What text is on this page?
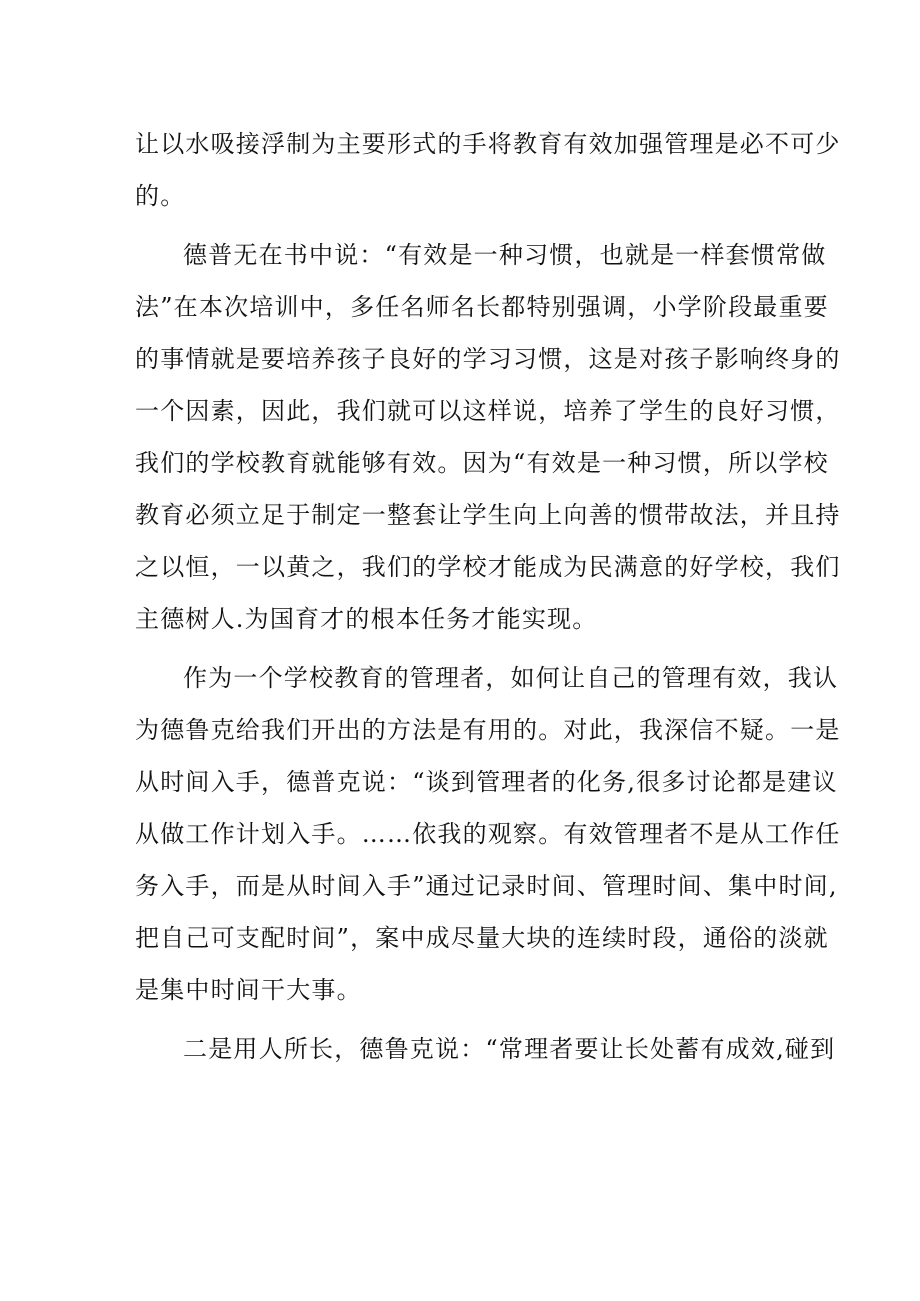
让以水吸接浮制为主要形式的手将教育有效加强管理是必不可少
的。
德普无在书中说：“有效是一种习惯，也就是一样套惯常做
法”在本次培训中，多任名师名长都特别强调，小学阶段最重要
的事情就是要培养孩子良好的学习习惯，这是对孩子影响终身的
一个因素，因此，我们就可以这样说，培养了学生的良好习惯，
我们的学校教育就能够有效。因为“有效是一种习惯，所以学校
教育必须立足于制定一整套让学生向上向善的惯带故法，并且持
之以恒，一以黄之，我们的学校才能成为民满意的好学校，我们
主德树人.为国育才的根本任务才能实现。
作为一个学校教育的管理者，如何让自己的管理有效，我认
为德鲁克给我们开出的方法是有用的。对此，我深信不疑。一是
从时间入手，德普克说：“谈到管理者的化务,很多讨论都是建议
从做工作计划入手。……依我的观察。有效管理者不是从工作任
务入手，而是从时间入手”通过记录时间、管理时间、集中时间,
把自己可支配时间”，案中成尽量大块的连续时段，通俗的淡就
是集中时间干大事。
二是用人所长，德鲁克说：“常理者要让长处蓄有成效,碰到
